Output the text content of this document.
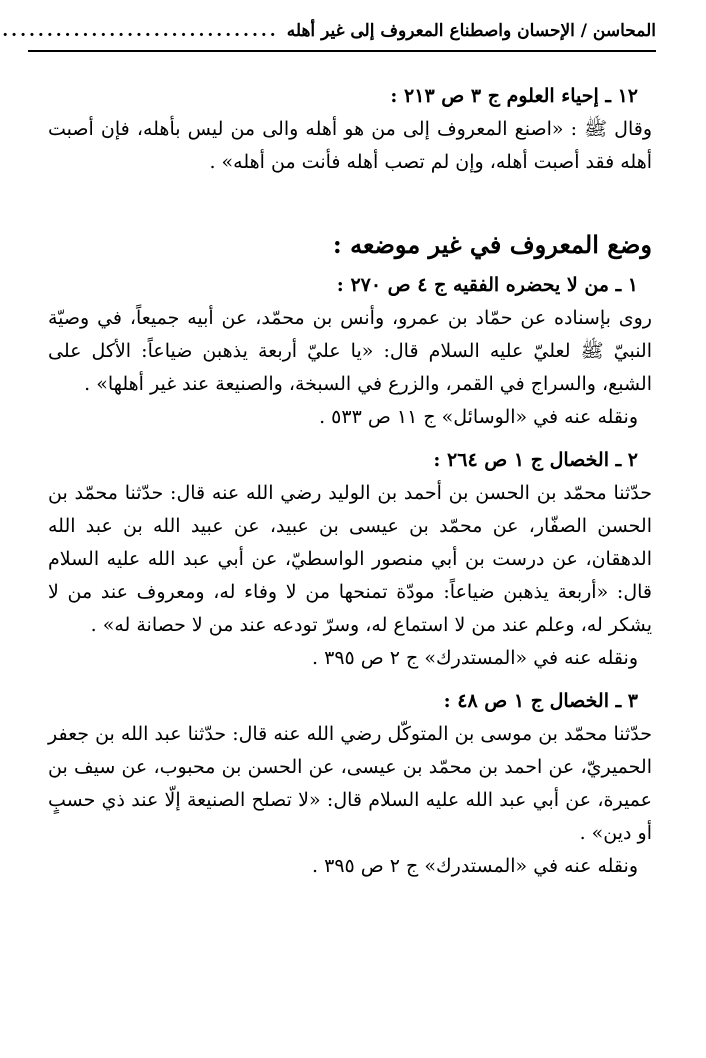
المحاسن / الإحسان واصطناع المعروف إلى غير أهله
...............................

١٢ ـ إحياء العلوم ج ٣ ص ٢١٣ :

وقال ﷺ : «اصنع المعروف إلى من هو أهله والى من ليس بأهله، فإن أصبت أهله فقد أصبت أهله، وإن لم تصب أهله فأنت من أهله» .

وضع المعروف في غير موضعه :

١ ـ من لا يحضره الفقيه ج ٤ ص ٢٧٠ :

روى بإسناده عن حمّاد بن عمرو، وأنس بن محمّد، عن أبيه جميعاً، في وصيّة النبيّ ﷺ لعليّ عليه السلام قال: «يا عليّ أربعة يذهبن ضياعاً: الأكل على الشبع، والسراج في القمر، والزرع في السبخة، والصنيعة عند غير أهلها» .

ونقله عنه في «الوسائل» ج ١١ ص ٥٣٣ .

٢ ـ الخصال ج ١ ص ٢٦٤ :

حدّثنا محمّد بن الحسن بن أحمد بن الوليد رضي الله عنه قال: حدّثنا محمّد بن الحسن الصفّار، عن محمّد بن عيسى بن عبيد، عن عبيد الله بن عبد الله الدهقان، عن درست بن أبي منصور الواسطيّ، عن أبي عبد الله عليه السلام قال: «أربعة يذهبن ضياعاً: مودّة تمنحها من لا وفاء له، ومعروف عند من لا يشكر له، وعلم عند من لا استماع له، وسرّ تودعه عند من لا حصانة له» .

ونقله عنه في «المستدرك» ج ٢ ص ٣٩٥ .

٣ ـ الخصال ج ١ ص ٤٨ :

حدّثنا محمّد بن موسى بن المتوكّل رضي الله عنه قال: حدّثنا عبد الله بن جعفر الحميريّ، عن احمد بن محمّد بن عيسى، عن الحسن بن محبوب، عن سيف بن عميرة، عن أبي عبد الله عليه السلام قال: «لا تصلح الصنيعة إلّا عند ذي حسبٍ أو دين» .

ونقله عنه في «المستدرك» ج ٢ ص ٣٩٥ .
